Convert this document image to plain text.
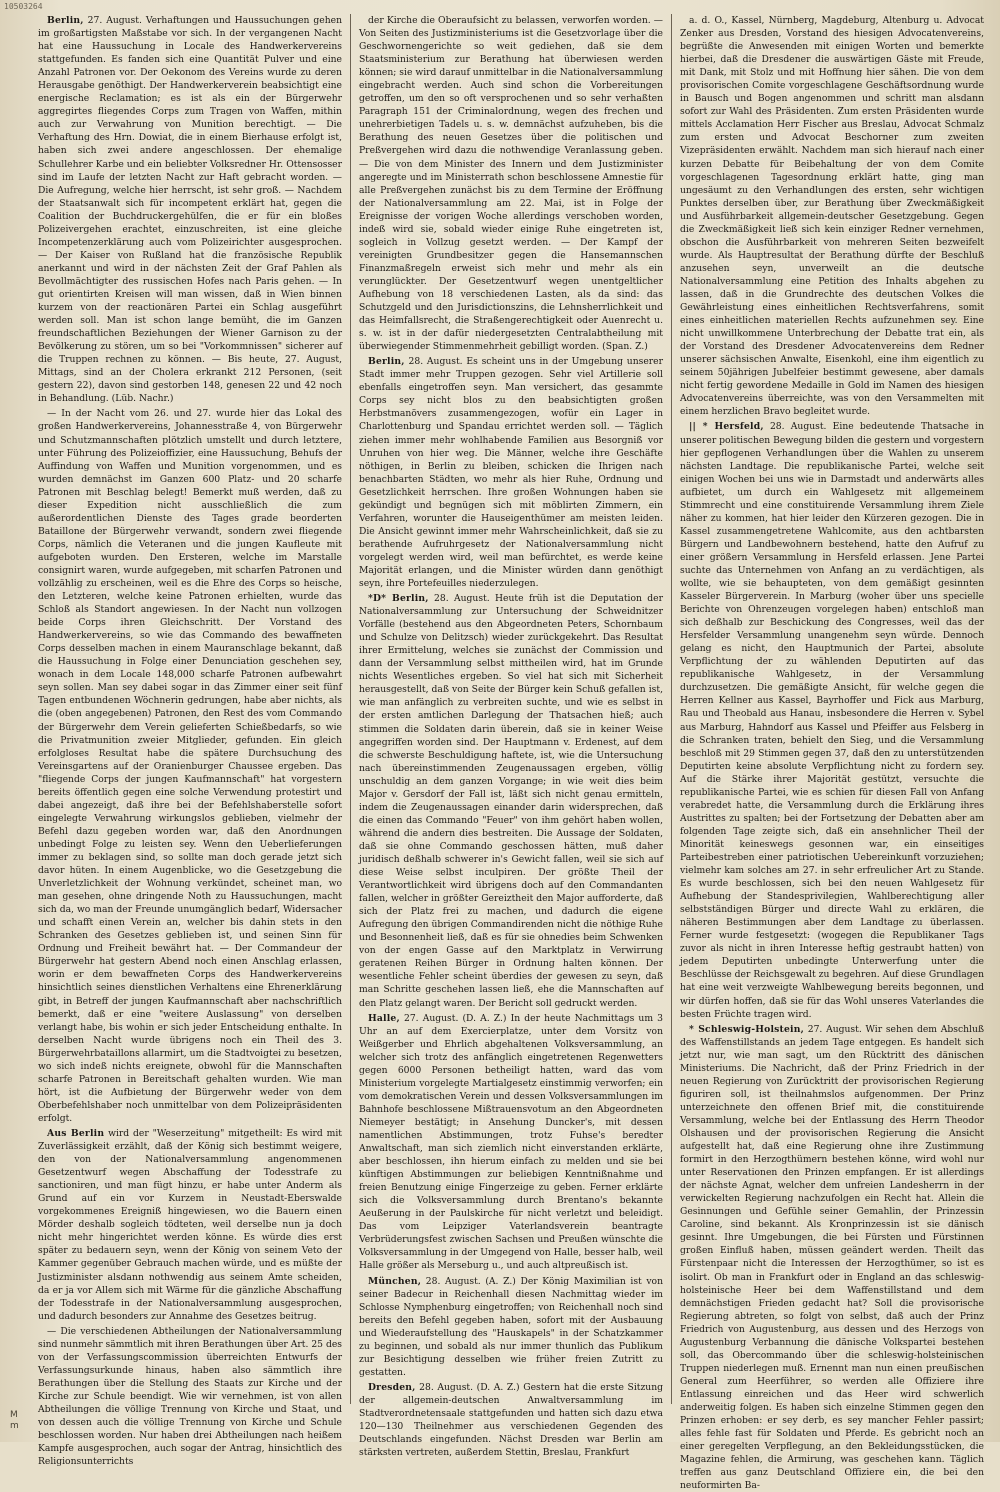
10503264

Berlin, 27. August. Verhaftungen und Haussuchungen gehen im großartigsten Maßstabe vor sich. In der vergangenen Nacht hat eine Haussuchung in Locale des Handwerkervereins stattgefunden. Es fanden sich eine Quantität Pulver und eine Anzahl Patronen vor. Der Oekonom des Vereins wurde zu deren Herausgabe genöthigt. Der Handwerkerverein beabsichtigt eine energische Reclamation; es ist als ein der Bürgerwehr aggregirtes fliegendes Corps zum Tragen von Waffen, mithin auch zur Verwahrung von Munition berechtigt. — Die Verhaftung des Hrn. Dowiat, die in einem Bierhause erfolgt ist, haben sich zwei andere angeschlossen. Der ehemalige Schullehrer Karbe und ein beliebter Volksredner Hr. Ottensosser sind im Laufe der letzten Nacht zur Haft gebracht worden. — Die Aufregung, welche hier herrscht, ist sehr groß. — Nachdem der Staatsanwalt sich für incompetent erklärt hat, gegen die Coalition der Buchdruckergehülfen, die er für ein bloßes Polizeivergehen erachtet, einzuschreiten, ist eine gleiche Incompetenzerklärung auch vom Polizeirichter ausgesprochen. — Der Kaiser von Rußland hat die französische Republik anerkannt und wird in der nächsten Zeit der Graf Pahlen als Bevollmächtigter des russischen Hofes nach Paris gehen. — In gut orientirten Kreisen will man wissen, daß in Wien binnen kurzem von der reactionären Partei ein Schlag ausgeführt werden soll. Man ist schon lange bemüht, die im Ganzen freundschaftlichen Beziehungen der Wiener Garnison zu der Bevölkerung zu stören, um so bei "Vorkommnissen" sicherer auf die Truppen rechnen zu können. — Bis heute, 27. August, Mittags, sind an der Cholera erkrankt 212 Personen, (seit gestern 22), davon sind gestorben 148, genesen 22 und 42 noch in Behandlung. (Lüb. Nachr.)

— In der Nacht vom 26. und 27. wurde hier das Lokal des großen Handwerkervereins, Johannesstraße 4, von Bürgerwehr und Schutzmannschaften plötzlich umstellt und durch letztere, unter Führung des Polizeioffizier, eine Haussuchung, Behufs der Auffindung von Waffen und Munition vorgenommen, und es wurden demnächst im Ganzen 600 Platz- und 20 scharfe Patronen mit Beschlag belegt! Bemerkt muß werden, daß zu dieser Expedition nicht ausschließlich die zum außerordentlichen Dienste des Tages grade beorderten Bataillone der Bürgerwehr verwandt, sondern zwei fliegende Corps, nämlich die Veteranen und die jungen Kaufleute mit aufgeboten wurden. Den Ersteren, welche im Marstalle consignirt waren, wurde aufgegeben, mit scharfen Patronen und vollzählig zu erscheinen, weil es die Ehre des Corps so heische, den Letzteren, welche keine Patronen erhielten, wurde das Schloß als Standort angewiesen. In der Nacht nun vollzogen beide Corps ihren Gleichschritt. Der Vorstand des Handwerkervereins, so wie das Commando des bewaffneten Corps desselben machen in einem Mauranschlage bekannt, daß die Haussuchung in Folge einer Denunciation geschehen sey, wonach in dem Locale 148,000 scharfe Patronen aufbewahrt seyn sollen. Man sey dabei sogar in das Zimmer einer seit fünf Tagen entbundenen Wöchnerin gedrungen, habe aber nichts, als die (oben angegebenen) Patronen, den Rest des vom Commando der Bürgerwehr dem Verein gelieferten Schießbedarfs, so wie die Privatmunition zweier Mitglieder, gefunden. Ein gleich erfolgloses Resultat habe die spätere Durchsuchung des Vereinsgartens auf der Oranienburger Chaussee ergeben. Das "fliegende Corps der jungen Kaufmannschaft" hat vorgestern bereits öffentlich gegen eine solche Verwendung protestirt und dabei angezeigt, daß ihre bei der Befehlshaberstelle sofort eingelegte Verwahrung wirkungslos geblieben, vielmehr der Befehl dazu gegeben worden war, daß den Anordnungen unbedingt Folge zu leisten sey. Wenn den Ueberlieferungen immer zu beklagen sind, so sollte man doch gerade jetzt sich davor hüten. In einem Augenblicke, wo die Gesetzgebung die Unverletzlichkeit der Wohnung verkündet, scheinet man, wo man gesehen, ohne dringende Noth zu Haussuchungen, macht sich da, wo man der Freunde unumgänglich bedarf, Widersacher und schafft einen Verein an, welcher bis dahin stets in den Schranken des Gesetzes geblieben ist, und seinen Sinn für Ordnung und Freiheit bewährt hat. — Der Commandeur der Bürgerwehr hat gestern Abend noch einen Anschlag erlassen, worin er dem bewaffneten Corps des Handwerkervereins hinsichtlich seines dienstlichen Verhaltens eine Ehrenerklärung gibt, in Betreff der jungen Kaufmannschaft aber nachschriftlich bemerkt, daß er eine "weitere Auslassung" von derselben verlangt habe, bis wohin er sich jeder Entscheidung enthalte. In derselben Nacht wurde übrigens noch ein Theil des 3. Bürgerwehrbataillons allarmirt, um die Stadtvoigtei zu besetzen, wo sich indeß nichts ereignete, obwohl für die Mannschaften scharfe Patronen in Bereitschaft gehalten wurden. Wie man hört, ist die Aufbietung der Bürgerwehr weder von dem Oberbefehlshaber noch unmittelbar von dem Polizeipräsidenten erfolgt.

Aus Berlin wird der "Weserzeitung" mitgetheilt: Es wird mit Zuverlässigkeit erzählt, daß der König sich bestimmt weigere, den von der Nationalversammlung angenommenen Gesetzentwurf wegen Abschaffung der Todesstrafe zu sanctioniren, und man fügt hinzu, er habe unter Anderm als Grund auf ein vor Kurzem in Neustadt-Eberswalde vorgekommenes Ereigniß hingewiesen, wo die Bauern einen Mörder deshalb sogleich tödteten, weil derselbe nun ja doch nicht mehr hingerichtet werden könne. Es würde dies erst später zu bedauern seyn, wenn der König von seinem Veto der Kammer gegenüber Gebrauch machen würde, und es müßte der Justizminister alsdann nothwendig aus seinem Amte scheiden, da er ja vor Allem sich mit Wärme für die gänzliche Abschaffung der Todesstrafe in der Nationalversammlung ausgesprochen, und dadurch besonders zur Annahme des Gesetzes beitrug.

— Die verschiedenen Abtheilungen der Nationalversammlung sind nunmehr sämmtlich mit ihren Berathungen über Art. 25 des von der Verfassungscommission überreichten Entwurfs der Verfassungsurkunde hinaus, haben also sämmtlich ihre Berathungen über die Stellung des Staats zur Kirche und der Kirche zur Schule beendigt. Wie wir vernehmen, ist von allen Abtheilungen die völlige Trennung von Kirche und Staat, und von dessen auch die völlige Trennung von Kirche und Schule beschlossen worden. Nur haben drei Abtheilungen nach heißem Kampfe ausgesprochen, auch sogar der Antrag, hinsichtlich des Religionsunterrichts

der Kirche die Oberaufsicht zu belassen, verworfen worden. — Von Seiten des Justizministeriums ist die Gesetzvorlage über die Geschwornengerichte so weit gediehen, daß sie dem Staatsministerium zur Berathung hat überwiesen werden können; sie wird darauf unmittelbar in die Nationalversammlung eingebracht werden. Auch sind schon die Vorbereitungen getroffen, um den so oft versprochenen und so sehr verhaßten Paragraph 151 der Criminalordnung, wegen des frechen und unehrerbietigen Tadels u. s. w. demnächst aufzuheben, bis die Berathung des neuen Gesetzes über die politischen und Preßvergehen wird dazu die nothwendige Veranlassung geben. — Die von dem Minister des Innern und dem Justizminister angeregte und im Ministerrath schon beschlossene Amnestie für alle Preßvergehen zunächst bis zu dem Termine der Eröffnung der Nationalversammlung am 22. Mai, ist in Folge der Ereignisse der vorigen Woche allerdings verschoben worden, indeß wird sie, sobald wieder einige Ruhe eingetreten ist, sogleich in Vollzug gesetzt werden. — Der Kampf der vereinigten Grundbesitzer gegen die Hansemannschen Finanzmaßregeln erweist sich mehr und mehr als ein verunglückter. Der Gesetzentwurf wegen unentgeltlicher Aufhebung von 18 verschiedenen Lasten, als da sind: das Schutzgeld und den Jurisdictionszins, die Lehnsherrlichkeit und das Heimfallsrecht, die Straßengerechtigkeit oder Auenrecht u. s. w. ist in der dafür niedergesetzten Centralabtheilung mit überwiegender Stimmenmehrheit gebilligt worden. (Span. Z.)

Berlin, 28. August. Es scheint uns in der Umgebung unserer Stadt immer mehr Truppen gezogen. Sehr viel Artillerie soll ebenfalls eingetroffen seyn. Man versichert, das gesammte Corps sey nicht blos zu den beabsichtigten großen Herbstmanövers zusammengezogen, wofür ein Lager in Charlottenburg und Spandau errichtet werden soll. — Täglich ziehen immer mehr wohlhabende Familien aus Besorgniß vor Unruhen von hier weg. Die Männer, welche ihre Geschäfte nöthigen, in Berlin zu bleiben, schicken die Ihrigen nach benachbarten Städten, wo mehr als hier Ruhe, Ordnung und Gesetzlichkeit herrschen. Ihre großen Wohnungen haben sie gekündigt und begnügen sich mit möblirten Zimmern, ein Verfahren, worunter die Hauseigenthümer am meisten leiden. Die Ansicht gewinnt immer mehr Wahrscheinlichkeit, daß sie zu berathende Aufruhrgesetz der Nationalversammlung nicht vorgelegt werden wird, weil man befürchtet, es werde keine Majorität erlangen, und die Minister würden dann genöthigt seyn, ihre Portefeuilles niederzulegen.

*D* Berlin, 28. August. Heute früh ist die Deputation der Nationalversammlung zur Untersuchung der Schweidnitzer Vorfälle (bestehend aus den Abgeordneten Peters, Schornbaum und Schulze von Delitzsch) wieder zurückgekehrt. Das Resultat ihrer Ermittelung, welches sie zunächst der Commission und dann der Versammlung selbst mittheilen wird, hat im Grunde nichts Wesentliches ergeben. So viel hat sich mit Sicherheit herausgestellt, daß von Seite der Bürger kein Schuß gefallen ist, wie man anfänglich zu verbreiten suchte, und wie es selbst in der ersten amtlichen Darlegung der Thatsachen hieß; auch stimmen die Soldaten darin überein, daß sie in keiner Weise angegriffen worden sind. Der Hauptmann v. Erdenest, auf dem die schwerste Beschuldigung haftete, ist, wie die Untersuchung nach übereinstimmenden Zeugenaussagen ergeben, völlig unschuldig an dem ganzen Vorgange; in wie weit dies beim Major v. Gersdorf der Fall ist, läßt sich nicht genau ermitteln, indem die Zeugenaussagen einander darin widersprechen, daß die einen das Commando "Feuer" von ihm gehört haben wollen, während die andern dies bestreiten. Die Aussage der Soldaten, daß sie ohne Commando geschossen hätten, muß daher juridisch deßhalb schwerer in's Gewicht fallen, weil sie sich auf diese Weise selbst inculpiren. Der größte Theil der Verantwortlichkeit wird übrigens doch auf den Commandanten fallen, welcher in größter Gereiztheit den Major aufforderte, daß sich der Platz frei zu machen, und dadurch die eigene Aufregung den übrigen Commandirenden nicht die nöthige Ruhe und Besonnenheit ließ, daß es für sie ohnedies beim Schwenken von der engen Gasse auf den Marktplatz in Verwirrung geratenen Reihen Bürger in Ordnung halten können. Der wesentliche Fehler scheint überdies der gewesen zu seyn, daß man Schritte geschehen lassen ließ, ehe die Mannschaften auf den Platz gelangt waren. Der Bericht soll gedruckt werden.

Halle, 27. August. (D. A. Z.) In der heute Nachmittags um 3 Uhr an auf dem Exercierplatze, unter dem Vorsitz von Weißgerber und Ehrlich abgehaltenen Volksversammlung, an welcher sich trotz des anfänglich eingetretenen Regenwetters gegen 6000 Personen betheiligt hatten, ward das vom Ministerium vorgelegte Martialgesetz einstimmig verworfen; ein vom demokratischen Verein und dessen Volksversammlungen im Bahnhofe beschlossene Mißtrauensvotum an den Abgeordneten Niemeyer bestätigt; in Ansehung Duncker's, mit dessen namentlichen Abstimmungen, trotz Fuhse's beredter Anwaltschaft, man sich ziemlich nicht einverstanden erklärte, aber beschlossen, ihn hierum einfach zu melden und sie bei künftigen Abstimmungen zur beliebigen Kenntnißnahme und freien Benutzung einige Fingerzeige zu geben. Ferner erklärte sich die Volksversammlung durch Brentano's bekannte Aeußerung in der Paulskirche für nicht verletzt und beleidigt. Das vom Leipziger Vaterlandsverein beantragte Verbrüderungsfest zwischen Sachsen und Preußen wünschte die Volksversammlung in der Umgegend von Halle, besser halb, weil Halle größer als Merseburg u., und auch altpreußisch ist.

München, 28. August. (A. Z.) Der König Maximilian ist von seiner Badecur in Reichenhall diesen Nachmittag wieder im Schlosse Nymphenburg eingetroffen; von Reichenhall noch sind bereits den Befehl gegeben haben, sofort mit der Ausbauung und Wiederaufstellung des "Hauskapels" in der Schatzkammer zu beginnen, und sobald als nur immer thunlich das Publikum zur Besichtigung desselben wie früher freien Zutritt zu gestatten.

Dresden, 28. August. (D. A. Z.) Gestern hat die erste Sitzung der allgemein-deutschen Anwaltversammlung im Stadtverordnetensaale stattgefunden und hatten sich dazu etwa 120—130 Theilnehmer aus verschiedenen Gegenden des Deutschlands eingefunden. Nächst Dresden war Berlin am stärksten vertreten, außerdem Stettin, Breslau, Frankfurt

a. d. O., Kassel, Nürnberg, Magdeburg, Altenburg u. Advocat Zenker aus Dresden, Vorstand des hiesigen Advocatenvereins, begrüßte die Anwesenden mit einigen Worten und bemerkte hierbei, daß die Dresdener die auswärtigen Gäste mit Freude, mit Dank, mit Stolz und mit Hoffnung hier sähen. Die von dem provisorischen Comite vorgeschlagene Geschäftsordnung wurde in Bausch und Bogen angenommen und schritt man alsdann sofort zur Wahl des Präsidenten. Zum ersten Präsidenten wurde mittels Acclamation Herr Fischer aus Breslau, Advocat Schmalz zum ersten und Advocat Beschorner zum zweiten Vizepräsidenten erwählt. Nachdem man sich hierauf nach einer kurzen Debatte für Beibehaltung der von dem Comite vorgeschlagenen Tagesordnung erklärt hatte, ging man ungesäumt zu den Verhandlungen des ersten, sehr wichtigen Punktes derselben über, zur Berathung über Zweckmäßigkeit und Ausführbarkeit allgemein-deutscher Gesetzgebung. Gegen die Zweckmäßigkeit ließ sich kein einziger Redner vernehmen, obschon die Ausführbarkeit von mehreren Seiten bezweifelt wurde. Als Hauptresultat der Berathung dürfte der Beschluß anzusehen seyn, unverweilt an die deutsche Nationalversammlung eine Petition des Inhalts abgehen zu lassen, daß in die Grundrechte des deutschen Volkes die Gewährleistung eines einheitlichen Rechtsverfahrens, somit eines einheitlichen materiellen Rechts aufzunehmen sey. Eine nicht unwillkommene Unterbrechung der Debatte trat ein, als der Vorstand des Dresdener Advocatenvereins dem Redner unserer sächsischen Anwalte, Eisenkohl, eine ihm eigentlich zu seinem 50jährigen Jubelfeier bestimmt gewesene, aber damals nicht fertig gewordene Medaille in Gold im Namen des hiesigen Advocatenvereins überreichte, was von den Versammelten mit einem herzlichen Bravo begleitet wurde.

|| * Hersfeld, 28. August. Eine bedeutende Thatsache in unserer politischen Bewegung bilden die gestern und vorgestern hier gepflogenen Verhandlungen über die Wahlen zu unserem nächsten Landtage. Die republikanische Partei, welche seit einigen Wochen bei uns wie in Darmstadt und anderwärts alles aufbietet, um durch ein Wahlgesetz mit allgemeinem Stimmrecht und eine constituirende Versammlung ihrem Ziele näher zu kommen, hat hier leider den Kürzeren gezogen. Die in Kassel zusammengetretene Wahlcomite, aus den achtbarsten Bürgern und Landbewohnern bestehend, hatte den Aufruf zu einer größern Versammlung in Hersfeld erlassen. Jene Partei suchte das Unternehmen von Anfang an zu verdächtigen, als wollte, wie sie behaupteten, von dem gemäßigt gesinnten Kasseler Bürgerverein. In Marburg (woher über uns specielle Berichte von Ohrenzeugen vorgelegen haben) entschloß man sich deßhalb zur Beschickung des Congresses, weil das der Hersfelder Versammlung unangenehm seyn würde. Dennoch gelang es nicht, den Hauptmunich der Partei, absolute Verpflichtung der zu wählenden Deputirten auf das republikanische Wahlgesetz, in der Versammlung durchzusetzen. Die gemäßigte Ansicht, für welche gegen die Herren Kellner aus Kassel, Bayrhoffer und Fick aus Marburg, Rau und Theobald aus Hanau, insbesondere die Herren v. Sybel aus Marburg, Hahndorf aus Kassel und Pfeiffer aus Felsberg in die Schranken traten, behielt den Sieg, und die Versammlung beschloß mit 29 Stimmen gegen 37, daß den zu unterstützenden Deputirten keine absolute Verpflichtung nicht zu fordern sey. Auf die Stärke ihrer Majorität gestützt, versuchte die republikanische Partei, wie es schien für diesen Fall von Anfang verabredet hatte, die Versammlung durch die Erklärung ihres Austrittes zu spalten; bei der Fortsetzung der Debatten aber am folgenden Tage zeigte sich, daß ein ansehnlicher Theil der Minorität keineswegs gesonnen war, ein einseitiges Parteibestreben einer patriotischen Uebereinkunft vorzuziehen; vielmehr kam solches am 27. in sehr erfreulicher Art zu Stande. Es wurde beschlossen, sich bei den neuen Wahlgesetz für Aufhebung der Standesprivilegien, Wahlberechtigung aller selbstständigen Bürger und directe Wahl zu erklären, die näheren Bestimmungen aber dem Landtage zu überlassen. Ferner wurde festgesetzt: (wogegen die Republikaner Tags zuvor als nicht in ihren Interesse heftig gestraubt hatten) von jedem Deputirten unbedingte Unterwerfung unter die Beschlüsse der Reichsgewalt zu begehren. Auf diese Grundlagen hat eine weit verzweigte Wahlbewegung bereits begonnen, und wir dürfen hoffen, daß sie für das Wohl unseres Vaterlandes die besten Früchte tragen wird.

* Schleswig-Holstein, 27. August. Wir sehen dem Abschluß des Waffenstillstands an jedem Tage entgegen. Es handelt sich jetzt nur, wie man sagt, um den Rücktritt des dänischen Ministeriums. Die Nachricht, daß der Prinz Friedrich in der neuen Regierung von Zurücktritt der provisorischen Regierung figuriren soll, ist theilnahmslos aufgenommen. Der Prinz unterzeichnete den offenen Brief mit, die constituirende Versammlung, welche bei der Entlassung des Herrn Theodor Olshausen und der provisorischen Regierung die Ansicht aufgestellt hat, daß eine Regierung ohne ihre Zustimmung formirt in den Herzogthümern bestehen könne, wird wohl nur unter Reservationen den Prinzen empfangen. Er ist allerdings der nächste Agnat, welcher dem unfreien Landesherrn in der verwickelten Regierung nachzufolgen ein Recht hat. Allein die Gesinnungen und Gefühle seiner Gemahlin, der Prinzessin Caroline, sind bekannt. Als Kronprinzessin ist sie dänisch gesinnt. Ihre Umgebungen, die bei Fürsten und Fürstinnen großen Einfluß haben, müssen geändert werden. Theilt das Fürstenpaar nicht die Interessen der Herzogthümer, so ist es isolirt. Ob man in Frankfurt oder in England an das schleswig-holsteinische Heer bei dem Waffenstillstand und dem demnächstigen Frieden gedacht hat? Soll die provisorische Regierung abtreten, so folgt von selbst, daß auch der Prinz Friedrich von Augustenburg, aus dessen und des Herzogs von Augustenburg Verbannung die dänische Volkspartei bestehen soll, das Obercommando über die schleswig-holsteinischen Truppen niederlegen muß. Ernennt man nun einen preußischen General zum Heerführer, so werden alle Offiziere ihre Entlassung einreichen und das Heer wird schwerlich anderweitig folgen. Es haben sich einzelne Stimmen gegen den Prinzen erhoben: er sey derb, es sey mancher Fehler passirt; alles fehle fast für Soldaten und Pferde. Es gebricht noch an einer geregelten Verpflegung, an den Bekleidungsstücken, die Magazine fehlen, die Armirung, was geschehen kann. Täglich treffen aus ganz Deutschland Offiziere ein, die bei den neuformirten Ba-

M
m
